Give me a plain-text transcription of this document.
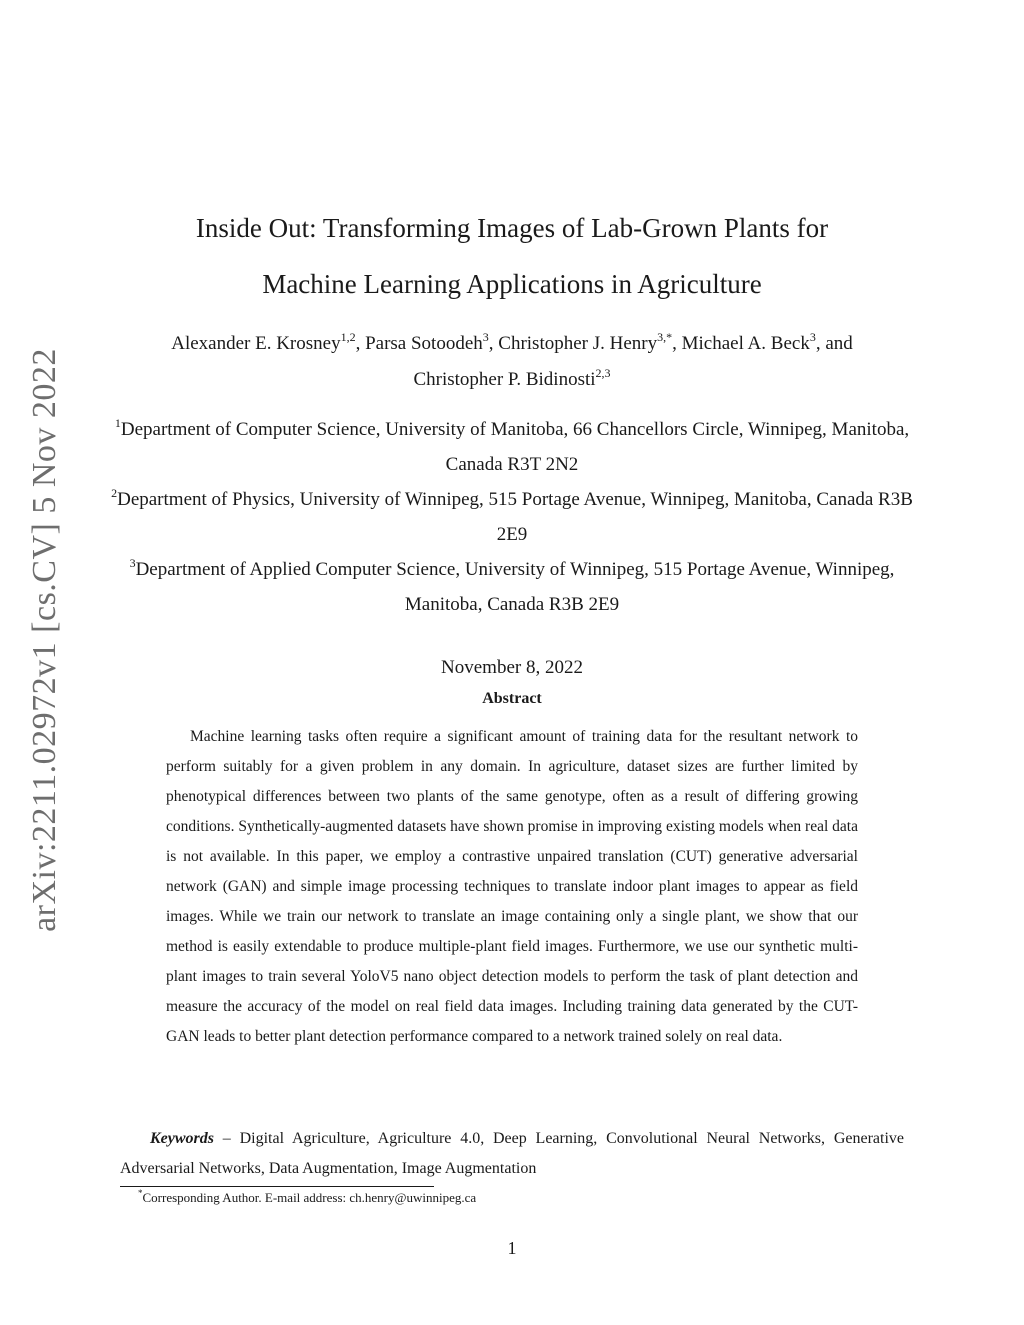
arXiv:2211.02972v1 [cs.CV] 5 Nov 2022
Inside Out: Transforming Images of Lab-Grown Plants for
Machine Learning Applications in Agriculture
Alexander E. Krosney$^{1,2}$, Parsa Sotoodeh$^3$, Christopher J. Henry$^{3,*}$, Michael A. Beck$^3$, and
Christopher P. Bidinosti$^{2,3}$
$^1$Department of Computer Science, University of Manitoba, 66 Chancellors Circle, Winnipeg, Manitoba, Canada R3T 2N2
$^2$Department of Physics, University of Winnipeg, 515 Portage Avenue, Winnipeg, Manitoba, Canada R3B 2E9
$^3$Department of Applied Computer Science, University of Winnipeg, 515 Portage Avenue, Winnipeg, Manitoba, Canada R3B 2E9
November 8, 2022
Abstract
Machine learning tasks often require a significant amount of training data for the resultant network to perform suitably for a given problem in any domain. In agriculture, dataset sizes are further limited by phenotypical differences between two plants of the same genotype, often as a result of differing growing conditions. Synthetically-augmented datasets have shown promise in improving existing models when real data is not available. In this paper, we employ a contrastive unpaired translation (CUT) generative adversarial network (GAN) and simple image processing techniques to translate indoor plant images to appear as field images. While we train our network to translate an image containing only a single plant, we show that our method is easily extendable to produce multiple-plant field images. Furthermore, we use our synthetic multi-plant images to train several YoloV5 nano object detection models to perform the task of plant detection and measure the accuracy of the model on real field data images. Including training data generated by the CUT-GAN leads to better plant detection performance compared to a network trained solely on real data.
Keywords – Digital Agriculture, Agriculture 4.0, Deep Learning, Convolutional Neural Networks, Generative Adversarial Networks, Data Augmentation, Image Augmentation
*Corresponding Author. E-mail address: ch.henry@uwinnipeg.ca
1
